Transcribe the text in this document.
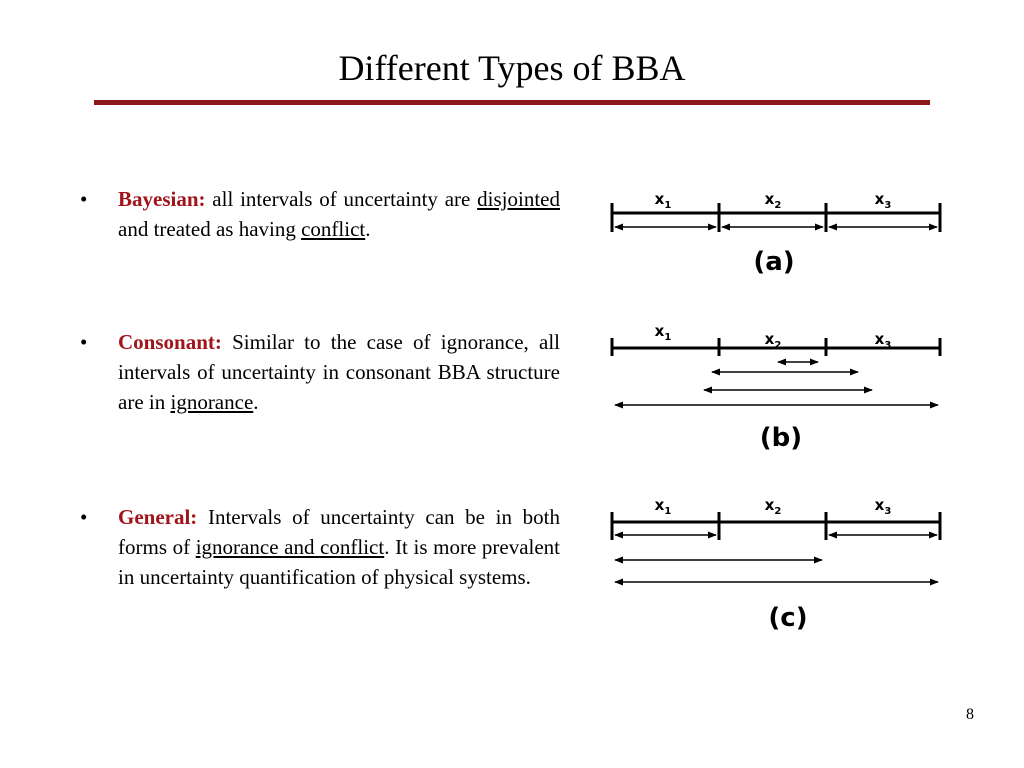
Different Types of BBA
• Bayesian: all intervals of uncertainty are disjointed and treated as having conflict.
• Consonant: Similar to the case of ignorance, all intervals of uncertainty in consonant BBA structure are in ignorance.
• General: Intervals of uncertainty can be in both forms of ignorance and conflict. It is more prevalent in uncertainty quantification of physical systems.
$x_1$	$x_2$	$x_3$
(a)
$x_1$	$x_2$	$x_3$
(b)
$x_1$	$x_2$	$x_3$
(c)
8
